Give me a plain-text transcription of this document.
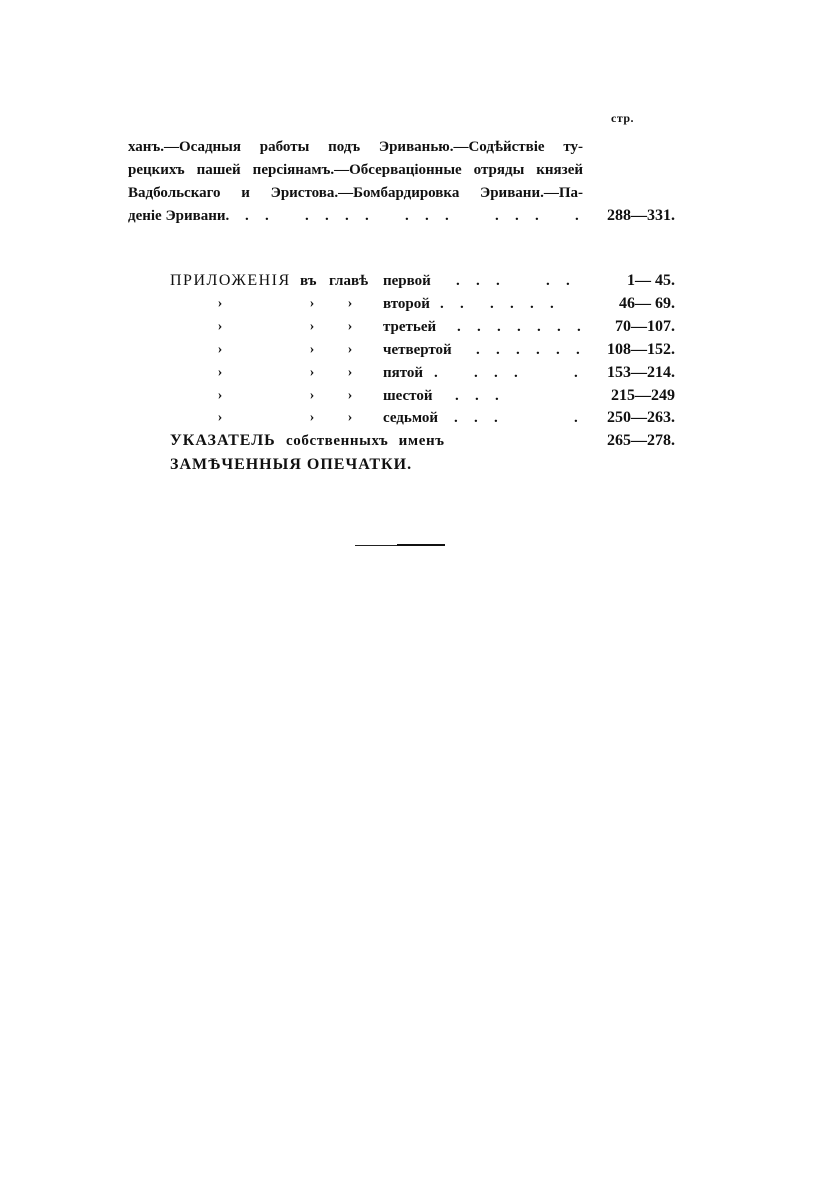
стр.
ханъ.—Осадныя работы подъ Эриванью.—Содѣйствіе ту-
рецкихъ пашей персіянамъ.—Обсерваціонные отряды князей
Вадбольскаго и Эристова.—Бомбардировка Эривани.—Па-
деніе Эривани. . .   . . . .   . . .    . . .   .	288—331.
ПРИЛОЖЕНІЯ въ главѣ первой . . .    . .	1— 45.
›	› › второй . .  . . . .	46— 69.
›	› › третьей . . . . . . .	70—107.
›	› › четвертой . . . . . .	108—152.
›	› › пятой .   . . .     .	153—214.
›	› › шестой . . .	215—249
›	› › седьмой . . .       .	250—263.
УКАЗАТЕЛЬ собственныхъ именъ	265—278.
ЗАМѢЧЕННЫЯ ОПЕЧАТКИ.
